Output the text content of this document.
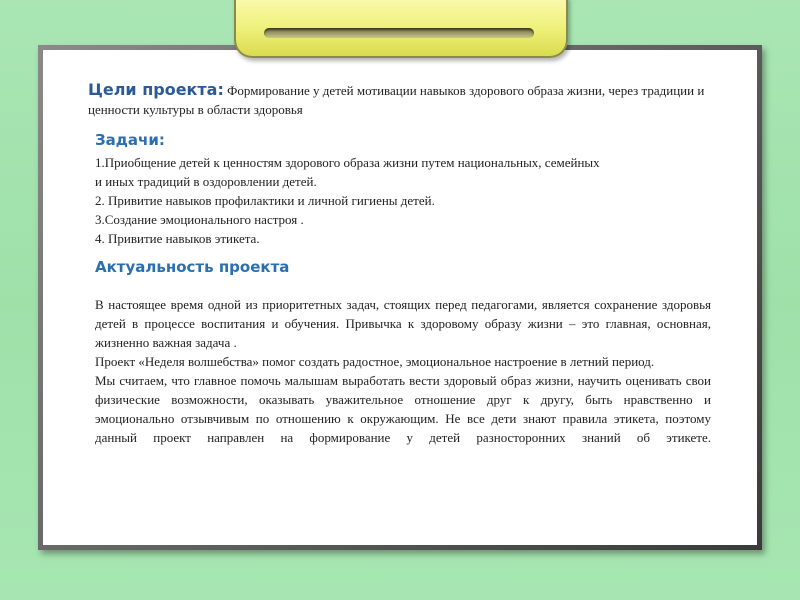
Цели проекта: Формирование у детей мотивации навыков здорового образа жизни, через традиции и ценности культуры в области здоровья

Задачи:

1.Приобщение детей к ценностям здорового образа жизни путем национальных, семейных

и иных традиций в оздоровлении детей.

2. Привитие навыков профилактики и личной гигиены детей.

3.Создание эмоционального настроя .

4. Привитие навыков этикета.

Актуальность проекта

В настоящее время одной из приоритетных задач, стоящих перед педагогами, является сохранение здоровья детей в процессе воспитания и обучения. Привычка к здоровому образу жизни – это главная, основная, жизненно важная задача .

Проект «Неделя волшебства» помог создать радостное, эмоциональное настроение в летний период.

Мы считаем, что главное помочь малышам выработать вести здоровый образ жизни, научить оценивать свои физические возможности, оказывать уважительное отношение друг к другу, быть нравственно и эмоционально отзывчивым по отношению к окружающим. Не все дети знают правила этикета, поэтому данный проект направлен на формирование у детей разносторонних знаний об этикете.
